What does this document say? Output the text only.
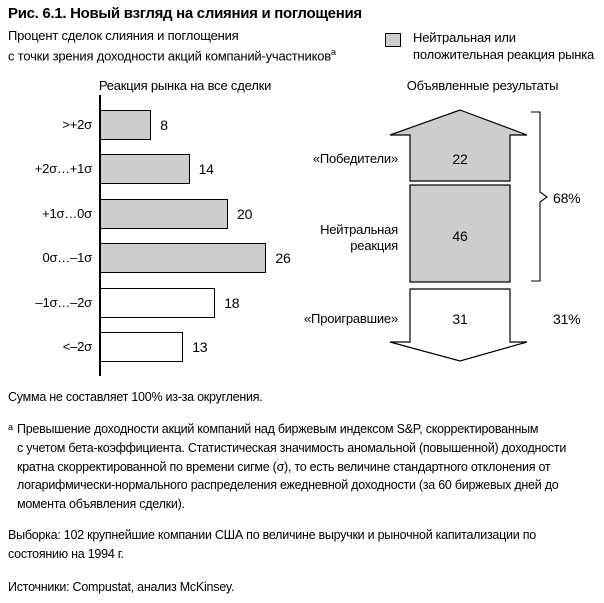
Рис. 6.1. Новый взгляд на слияния и поглощения
Процент сделок слияния и поглощения
с точки зрения доходности акций компаний-участников$^а$
Нейтральная или
положительная реакция рынка
Реакция рынка на все сделки	Объявленные результаты
>+2σ	8
+2σ…+1σ	14
+1σ…0σ	20
0σ…–1σ	26
–1σ…–2σ	18
<–2σ	13
«Победители»
Нейтральная реакция
«Проигравшие»
22
46
31
68%
31%
Сумма не составляет 100% из-за округления.
$^а$ Превышение доходности акций компаний над биржевым индексом S&P, скорректированным
с учетом бета-коэффициента. Статистическая значимость аномальной (повышенной) доходности
кратна скорректированной по времени сигме (σ), то есть величине стандартного отклонения от
логарифмически-нормального распределения ежедневной доходности (за 60 биржевых дней до
момента объявления сделки).
Выборка: 102 крупнейшие компании США по величине выручки и рыночной капитализации по
состоянию на 1994 г.
Источники: Compustat, анализ McKinsey.
